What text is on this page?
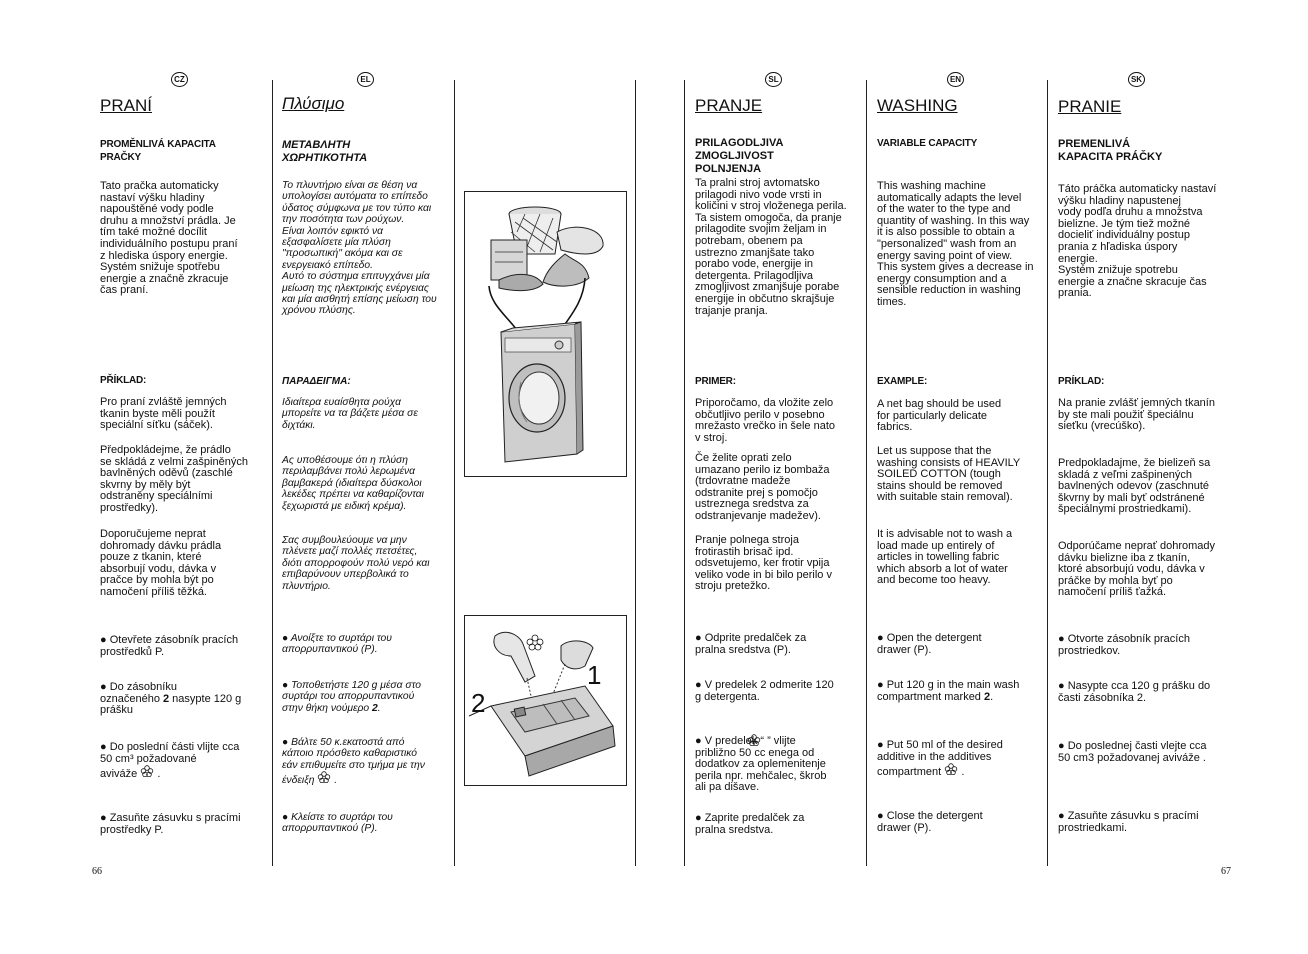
CZ
PRANÍ
PROMĚNLIVÁ KAPACITA
PRAČKY
Tato pračka automaticky
nastaví výšku hladiny
napouštěné vody podle
druhu a množství prádla. Je
tím také možné docílit
individuálního postupu praní
z hlediska úspory energie.
Systém snižuje spotřebu
energie a značně zkracuje
čas praní.
PŘÍKLAD:
Pro praní zvláště jemných
tkanin byste měli použít
speciální síťku (sáček).
Předpokládejme, že prádlo
se skládá z velmi zašpiněných
bavlněných oděvů (zaschlé
skvrny by měly být
odstraněny speciálními
prostředky).
Doporučujeme neprat
dohromady dávku prádla
pouze z tkanin, které
absorbují vodu, dávka v
pračce by mohla být po
namočení příliš těžká.
● Otevřete zásobník pracích
prostředků P.
● Do zásobníku
označeného 2 nasypte 120 g
prášku
● Do poslední části vlijte cca
50 cm³ požadované
aviváže  .
● Zasuňte zásuvku s pracími
prostředky P.
EL
Πλύσιμο
ΜΕΤΑΒΛΗΤΗ
ΧΩΡΗΤΙΚΟΤΗΤΑ
Το πλυντήριο είναι σε θέση να
υπολογίσει αυτόματα το επίπεδο
ύδατος σύμφωνα με τον τύπο και
την ποσότητα των ρούχων.
Είναι λοιπόν εφικτό να
εξασφαλίσετε μία πλύση
"προσωπική" ακόμα και σε
ενεργειακό επίπεδο.
Αυτό το σύστημα επιτυγχάνει μία
μείωση της ηλεκτρικής ενέργειας
και μία αισθητή επίσης μείωση του
χρόνου πλύσης.
ΠΑΡΑΔΕΙΓΜΑ:
Ιδιαίτερα ευαίσθητα ρούχα
μπορείτε να τα βάζετε μέσα σε
διχτάκι.
Ας υποθέσουμε ότι η πλύση
περιλαμβάνει πολύ λερωμένα
βαμβακερά (ιδιαίτερα δύσκολοι
λεκέδες πρέπει να καθαρίζονται
ξεχωριστά με ειδική κρέμα).
Σας συμβουλεύουμε να μην
πλένετε μαζί πολλές πετσέτες,
διότι απορροφούν πολύ νερό και
επιβαρύνουν υπερβολικά το
πλυντήριο.
● Ανοίξτε το συρτάρι του
απορρυπαντικού (P).
● Τοποθετήστε 120 g μέσα στο
συρτάρι του απορρυπαντικού
στην θήκη νούμερο 2.
● Βάλτε 50 κ.εκατοστά από
κάποιο πρόσθετο καθαριστικό
εάν επιθυμείτε στο τμήμα με την
ένδειξη  .
● Κλείστε το συρτάρι του
απορρυπαντικού (P).
1
2
SL
PRANJE
PRILAGODLJIVA
ZMOGLJIVOST
POLNJENJA
Ta pralni stroj avtomatsko
prilagodi nivo vode vrsti in
količini v stroj vloženega perila.
Ta sistem omogoča, da pranje
prilagodite svojim željam in
potrebam, obenem pa
ustrezno zmanjšate tako
porabo vode, energije in
detergenta. Prilagodljiva
zmogljivost zmanjšuje porabe
energije in občutno skrajšuje
trajanje pranja.
PRIMER:
Priporočamo, da vložite zelo
občutljivo perilo v posebno
mrežasto vrečko in šele nato
v stroj.
Če želite oprati zelo
umazano perilo iz bombaža
(trdovratne madeže
odstranite prej s pomočjo
ustreznega sredstva za
odstranjevanje madežev).
Pranje polnega stroja
frotirastih brisač ipd.
odsvetujemo, ker frotir vpija
veliko vode in bi bilo perilo v
stroju pretežko.
● Odprite predalček za
pralna sredstva (P).
● V predelek 2 odmerite 120
g detergenta.
● V predelek “ ” vlijte
približno 50 cc enega od
dodatkov za oplemenitenje
perila npr. mehčalec, škrob
ali pa dišave.
● Zaprite predalček za
pralna sredstva.
EN
WASHING
VARIABLE CAPACITY
This washing machine
automatically adapts the level
of the water to the type and
quantity of washing. In this way
it is also possible to obtain a
"personalized" wash from an
energy saving point of view.
This system gives a decrease in
energy consumption and a
sensible reduction in washing
times.
EXAMPLE:
A net bag should be used
for particularly delicate
fabrics.
Let us suppose that the
washing consists of HEAVILY
SOILED COTTON (tough
stains should be removed
with suitable stain removal).
It is advisable not to wash a
load made up entirely of
articles in towelling fabric
which absorb a lot of water
and become too heavy.
● Open the detergent
drawer (P).
● Put 120 g in the main wash
compartment marked 2.
● Put 50 ml of the desired
additive in the additives
compartment  .
● Close the detergent
drawer (P).
SK
PRANIE
PREMENLIVÁ
KAPACITA PRÁČKY
Táto práčka automaticky nastaví
výšku hladiny napustenej
vody podľa druhu a množstva
bielizne. Je tým tiež možné
docieliť individuálny postup
prania z hľadiska úspory
energie.
Systém znižuje spotrebu
energie a značne skracuje čas
prania.
PRÍKLAD:
Na pranie zvlášť jemných tkanín
by ste mali použiť špeciálnu
sieťku (vrecúško).
Predpokladajme, že bielizeň sa
skladá z veľmi zašpinených
bavlnených odevov (zaschnuté
škvrny by mali byť odstránené
špeciálnymi prostriedkami).
Odporúčame neprať dohromady
dávku bielizne iba z tkanín,
ktoré absorbujú vodu, dávka v
práčke by mohla byť po
namočení príliš ťažká.
● Otvorte zásobník pracích
prostriedkov.
● Nasypte cca 120 g prášku do
časti zásobníka 2.
● Do poslednej časti vlejte cca
50 cm3 požadovanej aviváže .
● Zasuňte zásuvku s pracími
prostriedkami.
66	67
